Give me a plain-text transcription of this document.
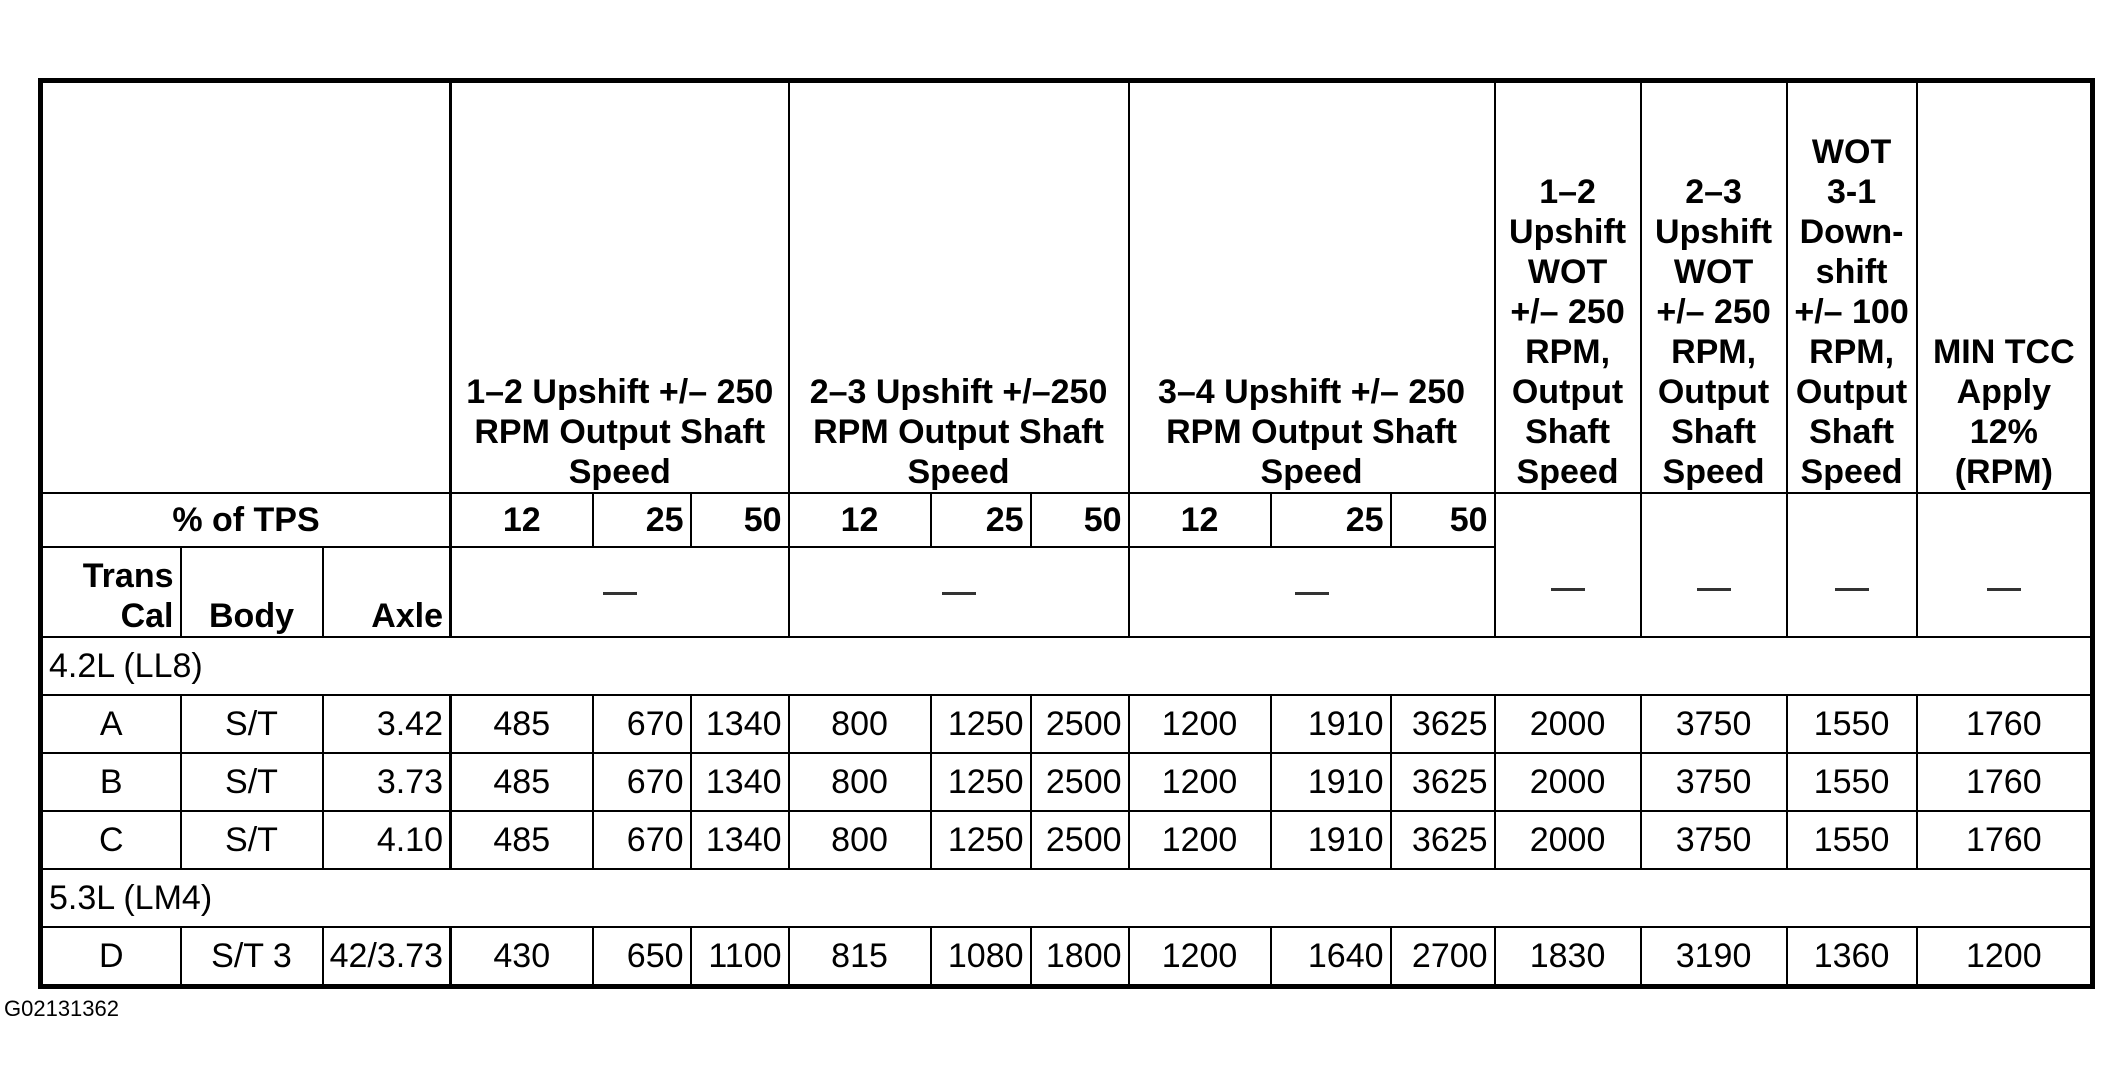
			1–2 Upshift +/– 250 RPM Output Shaft Speed			2–3 Upshift +/–250 RPM Output Shaft Speed			3–4 Upshift +/– 250 RPM Output Shaft Speed			1–2 Upshift WOT +/– 250 RPM, Output Shaft Speed	2–3 Upshift WOT +/– 250 RPM, Output Shaft Speed	WOT 3-1 Down-shift +/– 100 RPM, Output Shaft Speed	MIN TCC Apply 12% (RPM)
% of TPS			12	25	50	12	25	50	12	25	50				
Trans Cal	Body	Axle													
4.2L (LL8)															
A	S/T	3.42	485	670	1340	800	1250	2500	1200	1910	3625	2000	3750	1550	1760
B	S/T	3.73	485	670	1340	800	1250	2500	1200	1910	3625	2000	3750	1550	1760
C	S/T	4.10	485	670	1340	800	1250	2500	1200	1910	3625	2000	3750	1550	1760
5.3L (LM4)															
D	S/T 3	42/3.73	430	650	1100	815	1080	1800	1200	1640	2700	1830	3190	1360	1200
G02131362
